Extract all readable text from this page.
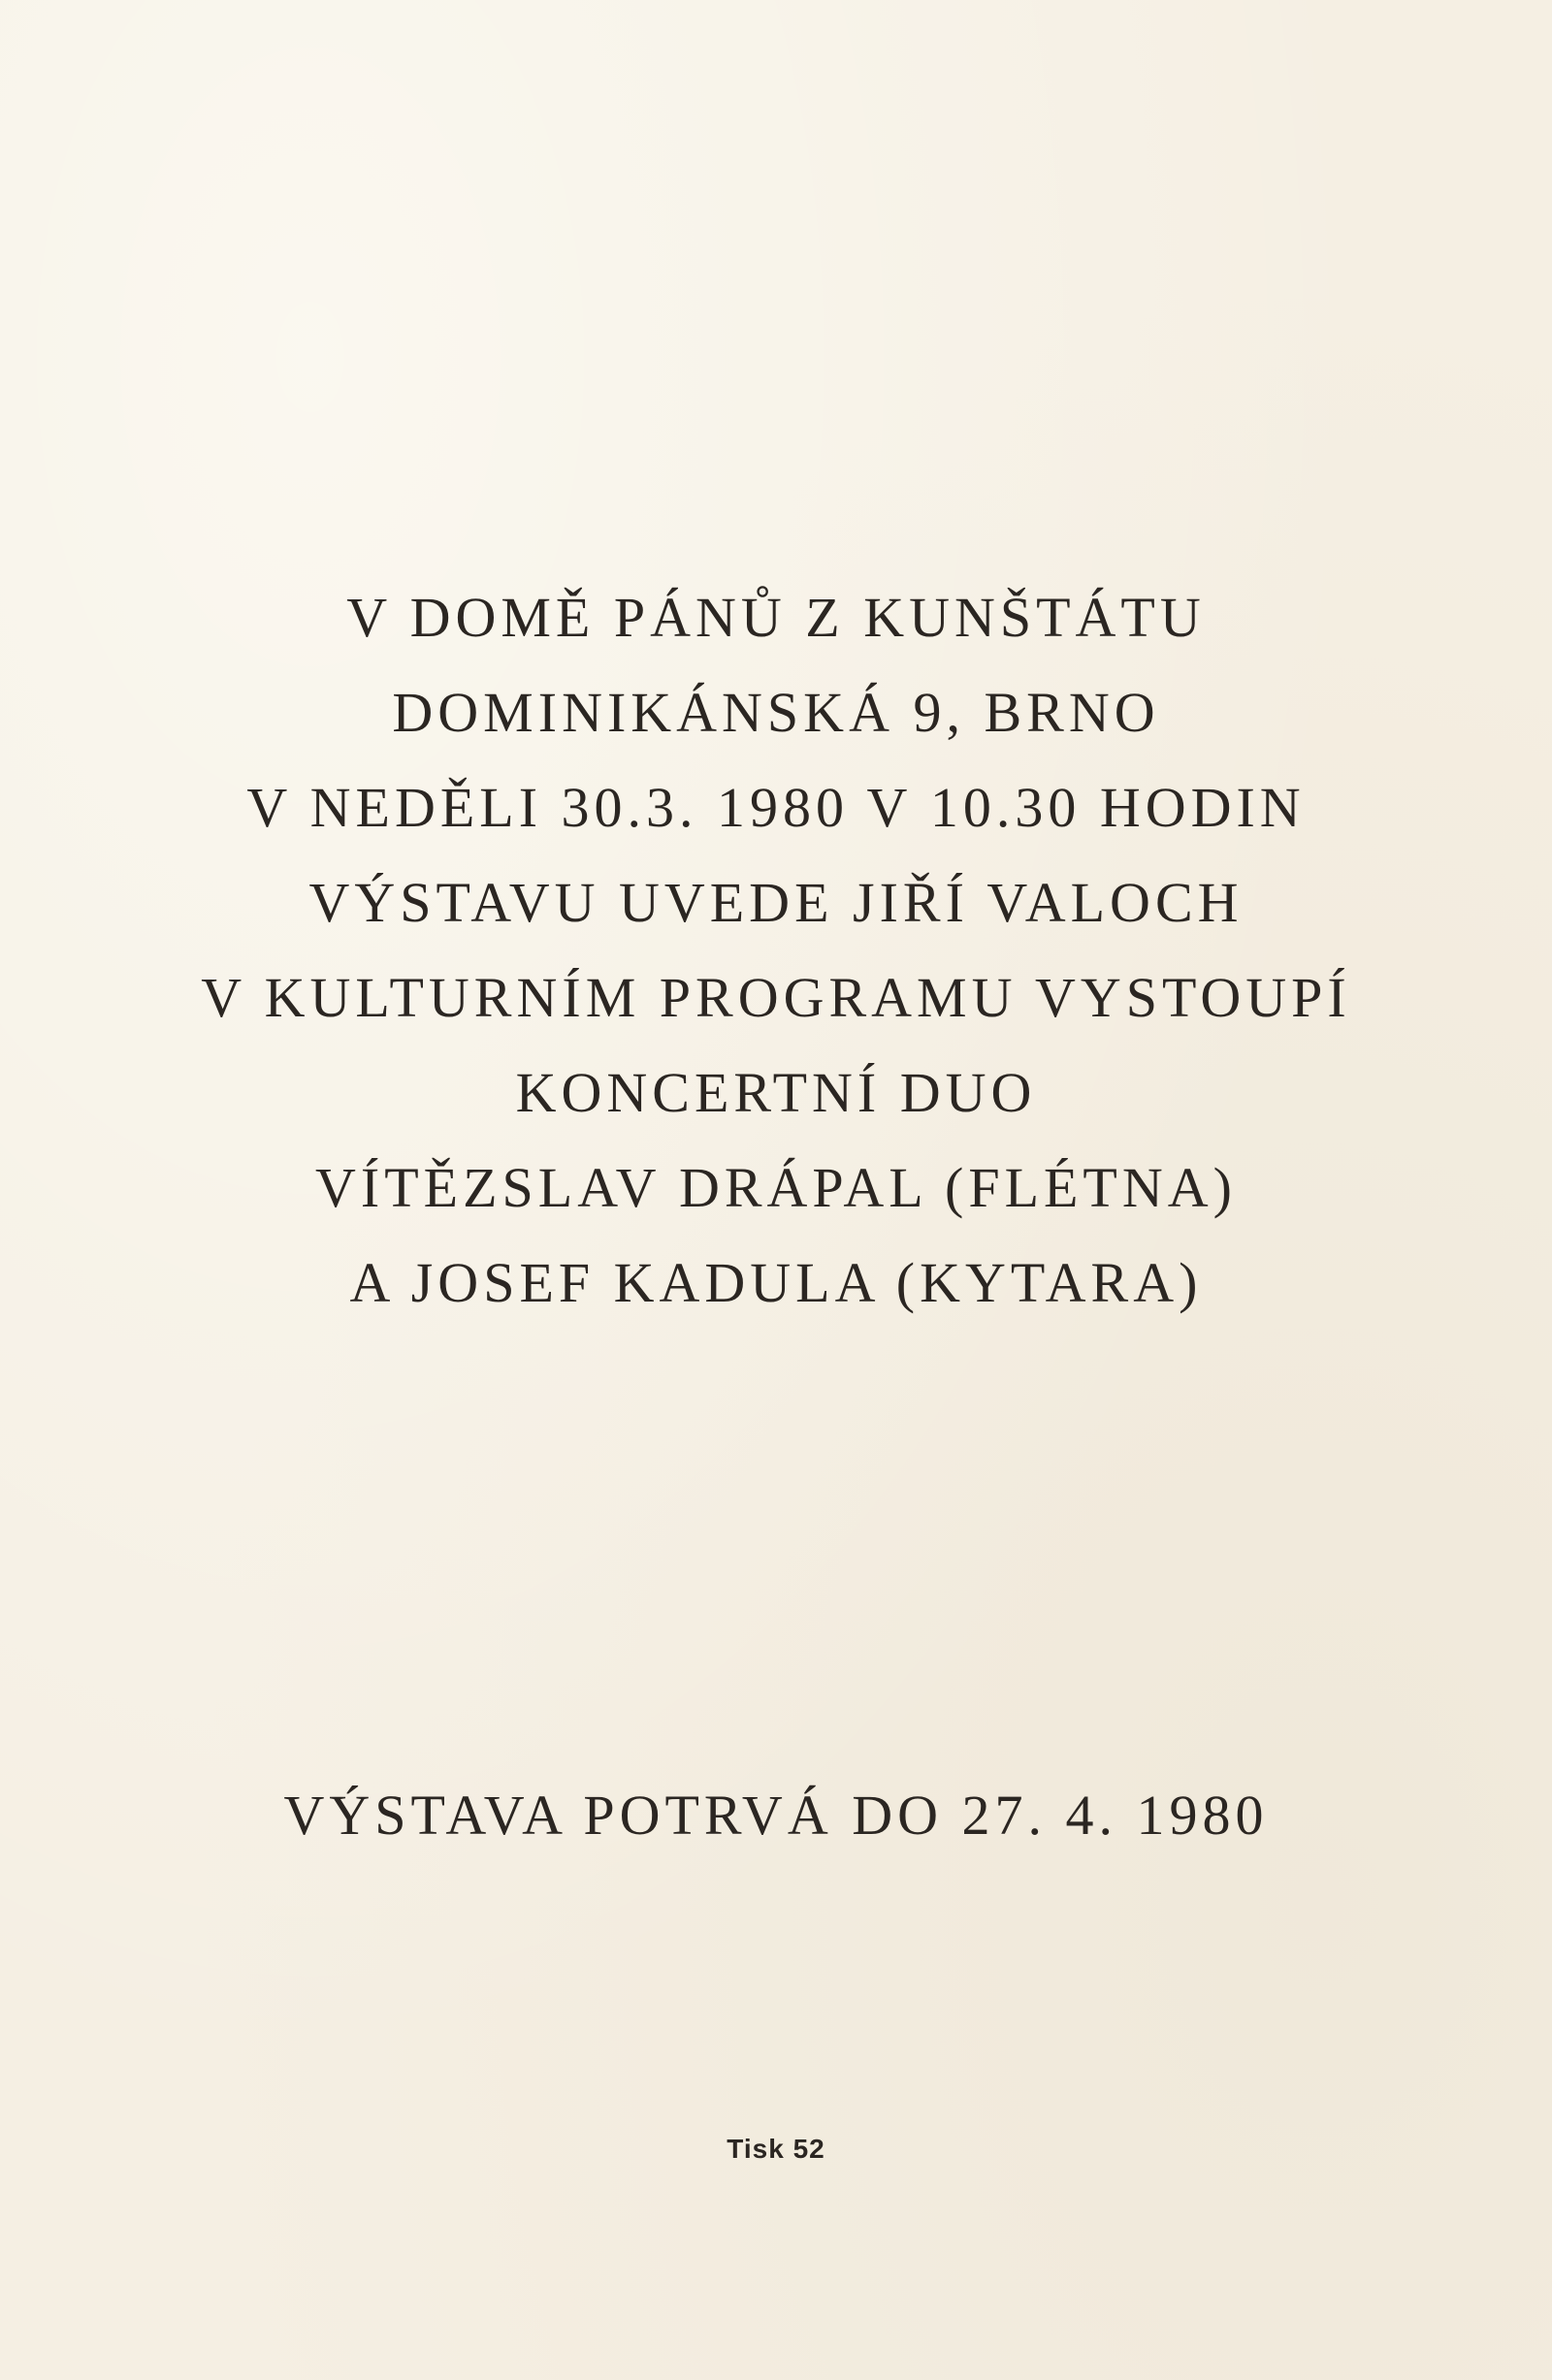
V DOMĚ PÁNŮ Z KUNŠTÁTU
DOMINIKÁNSKÁ 9, BRNO
V NEDĚLI 30.3. 1980 V 10.30 HODIN
VÝSTAVU UVEDE JIŘÍ VALOCH
V KULTURNÍM PROGRAMU VYSTOUPÍ
KONCERTNÍ DUO
VÍTĚZSLAV DRÁPAL (FLÉTNA)
A JOSEF KADULA (KYTARA)
VÝSTAVA POTRVÁ DO 27. 4. 1980
Tisk 52
